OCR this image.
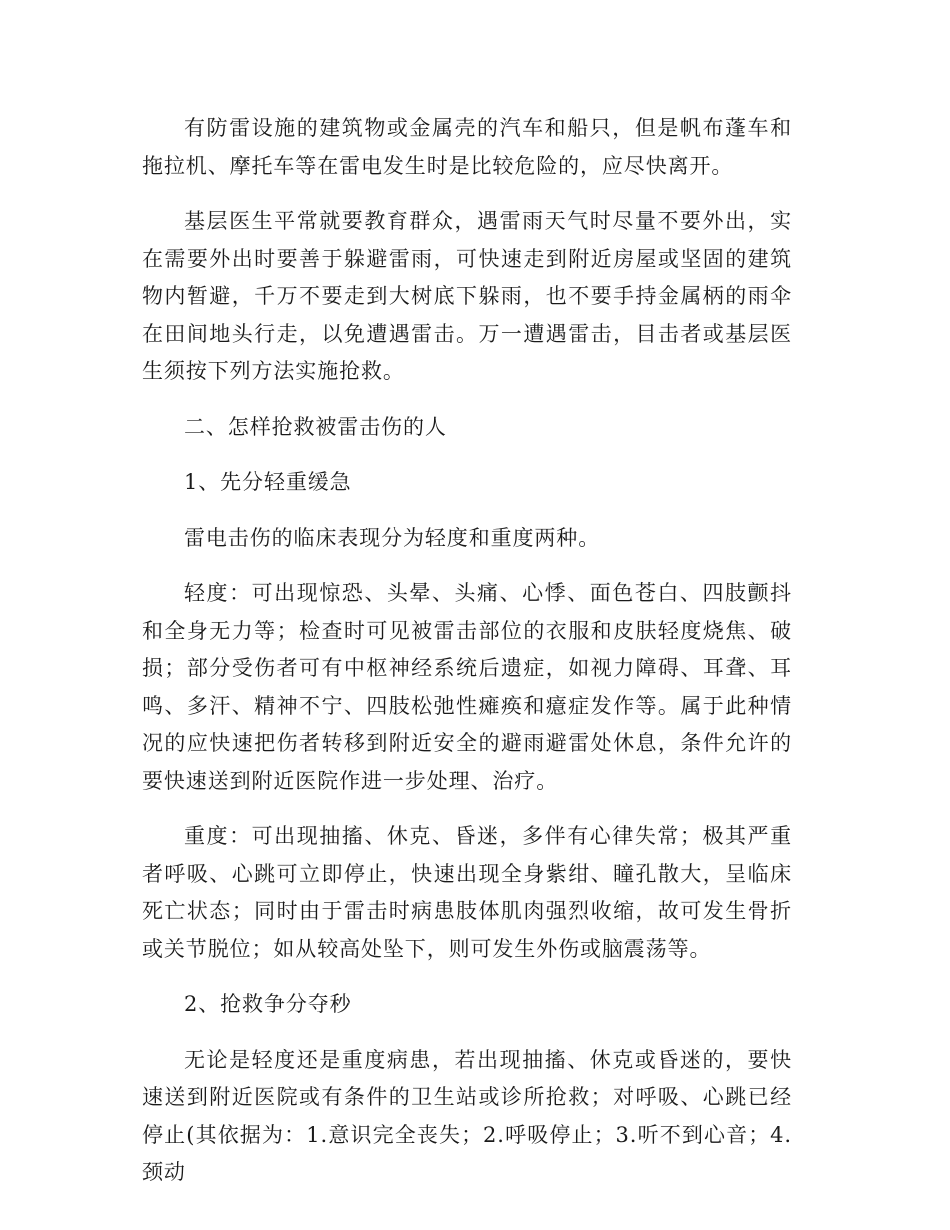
有防雷设施的建筑物或金属壳的汽车和船只，但是帆布蓬车和拖拉机、摩托车等在雷电发生时是比较危险的，应尽快离开。

基层医生平常就要教育群众，遇雷雨天气时尽量不要外出，实在需要外出时要善于躲避雷雨，可快速走到附近房屋或坚固的建筑物内暂避，千万不要走到大树底下躲雨，也不要手持金属柄的雨伞在田间地头行走，以免遭遇雷击。万一遭遇雷击，目击者或基层医生须按下列方法实施抢救。

二、怎样抢救被雷击伤的人

1、先分轻重缓急

雷电击伤的临床表现分为轻度和重度两种。

轻度：可出现惊恐、头晕、头痛、心悸、面色苍白、四肢颤抖和全身无力等；检查时可见被雷击部位的衣服和皮肤轻度烧焦、破损；部分受伤者可有中枢神经系统后遗症，如视力障碍、耳聋、耳鸣、多汗、精神不宁、四肢松弛性瘫痪和癔症发作等。属于此种情况的应快速把伤者转移到附近安全的避雨避雷处休息，条件允许的要快速送到附近医院作进一步处理、治疗。

重度：可出现抽搐、休克、昏迷，多伴有心律失常；极其严重者呼吸、心跳可立即停止，快速出现全身紫绀、瞳孔散大，呈临床死亡状态；同时由于雷击时病患肢体肌肉强烈收缩，故可发生骨折或关节脱位；如从较高处坠下，则可发生外伤或脑震荡等。

2、抢救争分夺秒

无论是轻度还是重度病患，若出现抽搐、休克或昏迷的，要快速送到附近医院或有条件的卫生站或诊所抢救；对呼吸、心跳已经停止(其依据为：1.意识完全丧失；2.呼吸停止；3.听不到心音；4.颈动
